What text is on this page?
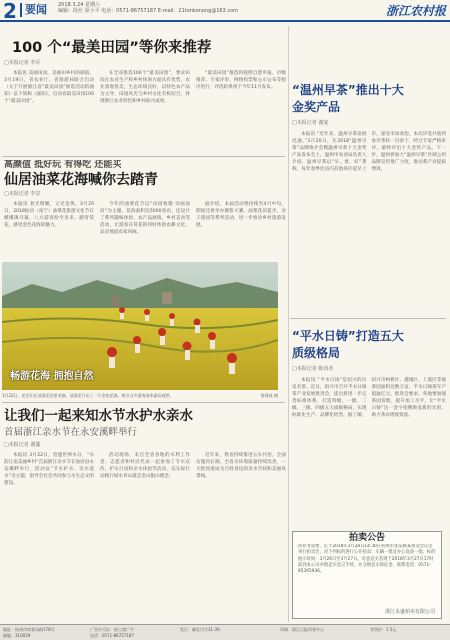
2 要闻 2018.3.24 星期六
编辑：段仕 原小平 电话：0571-86757187 E-mail：21tonkonong@163.com	浙江农村报
100 个“最美田园”等你来推荐
□本报记者 李军
本报讯 美丽田园，美丽田乡村的颜值。3月19日，省农业厅、省旅游局联合启动（关于开展浙江省“最美田园”推选活动的通知）以下简称《通知》，启动省最美田园100个“最美田园”。
在全省推选100个“最美田园”，要求田园在农业生产和乡村休闲方面具有优势，农业景观优美，生态环境良好，以特色农产品为主导，田园风光与乡村文化有机结合，体现浙江农业特色和乡村振兴成果。
“最美田园”推选将按照自愿申报、市级推荐、专家评审、网络投票和公示公布等程序进行，评选结果将于今年11月发布。
高颜值 抵好玩 有得吃 还能买
仙居油菜花海喊你去踏青
□本报记者 李景
本报讯 春光明媚，又见金黄。3月20日，2018仙居（南宁）油菜花旅游文化节在横溪镇开幕，八方游客纷至沓来，踏青赏花，感受金色花海的魅力。
今年的油菜花节以“田园牧歌·诗画仙居”为主题，花海面积达5000余亩，还设计了系列趣味体验、农产品展销、乡村美食等活动，让游客在赏花的同时体验农耕文化，品尝地道农家风味。
据介绍，本届活动将持续至4月中旬，期间还将举办摄影大赛、油菜花田徒步、亲子游园等系列活动，进一步推动乡村旅游发展。
畅游花海 拥抱自然
3月22日，花农们在油菜花田里采摘，油菜花开出了一片金色花海。吸引众多游客前来游玩观赏。	陈建成 摄
让我们一起来知水节水护水亲水
首届浙江亲水节在永安溪畔举行
□本报记者 谢鑫
本报讯 3月22日，恰逢世界水日，“水韵江南美丽乡村”首届浙江亲水节在仙居县永安溪畔举行，活动以“节水护水、亲水爱水”为主题，倡导全社会共同参与水生态文明建设。
活动现场，来自全省各地的水利工作者、志愿者和村民代表一起参加了节水宣传、护水行动和亲水体验等活动，以实际行动践行绿水青山就是金山银山理念。
近年来，我省持续推进五水共治，全面实施河长制，全省水环境质量持续改善，一大批河道成为百姓身边的亲水空间和美丽风景线。
“温州早茶”推出十大金奖产品
□本报记者 谢宴
本报讯 “近年来，温州早茶发展迅速。”3月20日，在2018“温州早茶”品牌推介会暨温州早茶十大金奖产品发布会上，温州市农业局负责人介绍，温州早茶以“早、香、好”著称，每年春季比省内其他茶区提早上市，深受市场欢迎。本次评选共收到参评茶样一百余个，经过专家严格审评，最终评出十大金奖产品。下一步，温州将加大“温州早茶”区域公用品牌宣传推广力度，推动茶产业提质增效。
“平水日铸”打造五大质级格局
□本报记者 陈涛者
本报讯 “平水日铸”是绍兴的历史名茶。近日，绍兴市召开平水日铸茶产业发展推进会，提出将进一步完善标准体系，打造特级、一级、二级、三级、四级五大质级格局，实现标准化生产、品牌化经营。据了解，绍兴市柯桥区、越城区、上虞区等地茶园面积达数万亩，平水日铸茶年产值逾亿元。推进会要求，各地要加强茶园管理，提升加工水平，让“平水日铸”这一金字招牌焕发新的光彩，助力茶农增收致富。
拍卖公告
因业务需要，定于2018年3月28日14:30在杭州市延安路某拍卖会议室举行拍卖会，对下列标的进行公开拍卖：车辆一批及办公设备一批。标的展示时间：3月26日至3月27日。有意竞买者请于2018年3月27日17时前到本公司办理竞买登记手续，并交纳竞买保证金。联系电话：0571-85365936。
浙江永盛拍卖有限公司
地址：杭州市体育场路178号
邮编：310039
广告许可证：浙工商广字
电话：0571-86757187
发行：邮发代号31-39	印刷：浙江日报印务中心	零售价：1.5元
